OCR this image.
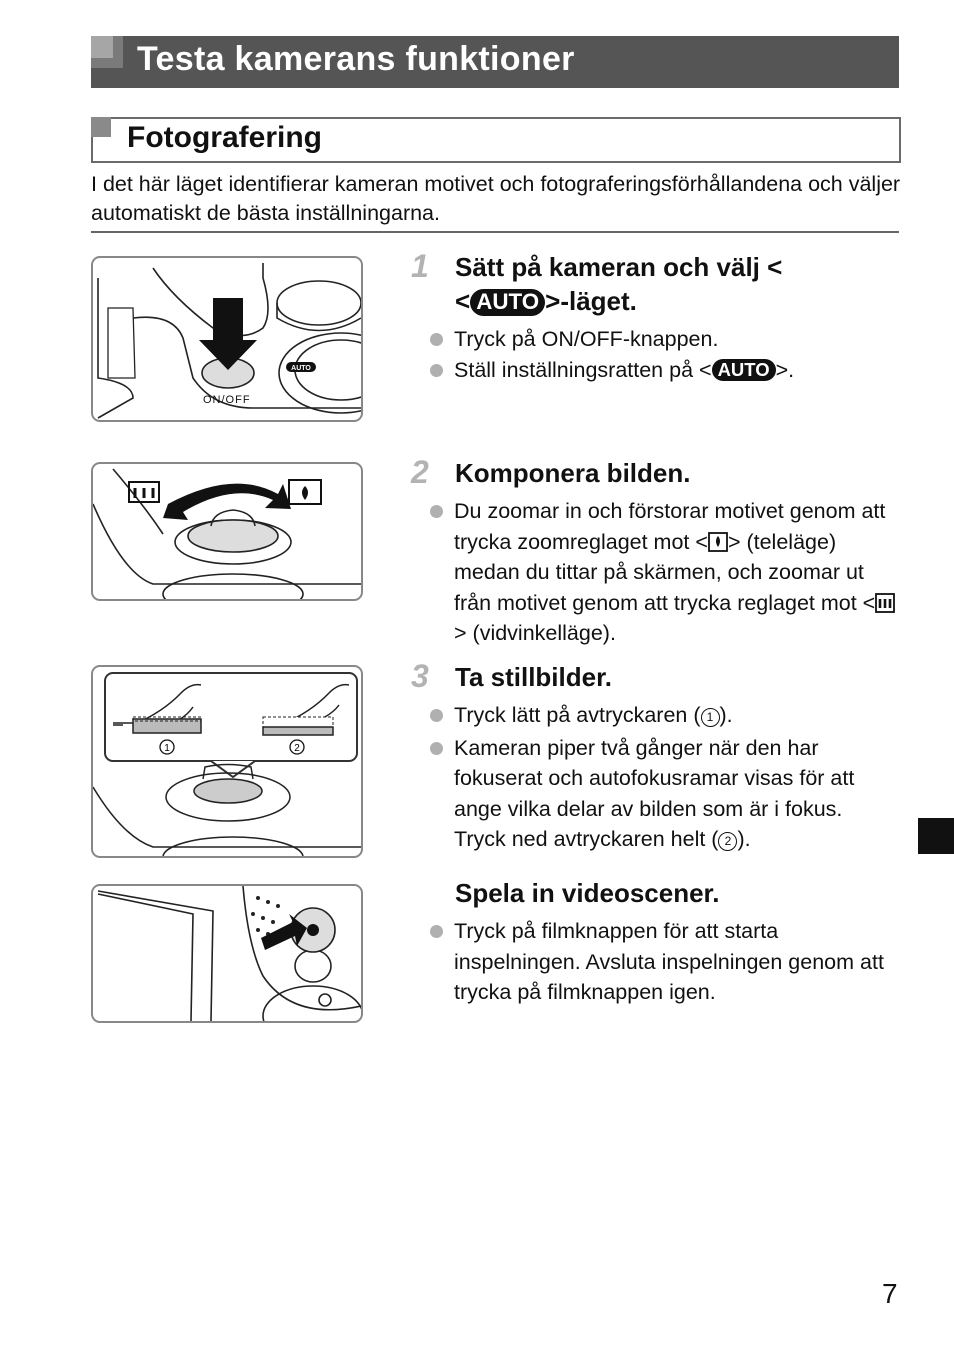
Testa kamerans funktioner
Fotografering
I det här läget identifierar kameran motivet och fotograferingsförhållandena och väljer automatiskt de bästa inställningarna.
AUTO
ON/OFF
1	2
1 Sätt på kameran och välj <
< AUTO >-läget.
Tryck på ON/OFF-knappen.
Ställ inställningsratten på < AUTO >.
2 Komponera bilden.
Du zoomar in och förstorar motivet genom att trycka zoomreglaget mot < > (teleläge) medan du tittar på skärmen, och zoomar ut från motivet genom att trycka reglaget mot <> (vidvinkelläge).
3 Ta stillbilder.
Tryck lätt på avtryckaren ( 1 ).
Kameran piper två gånger när den har fokuserat och autofokusramar visas för att ange vilka delar av bilden som är i fokus. Tryck ned avtryckaren helt ( 2 ).
Spela in videoscener.
Tryck på filmknappen för att starta inspelningen. Avsluta inspelningen genom att trycka på filmknappen igen.
7
